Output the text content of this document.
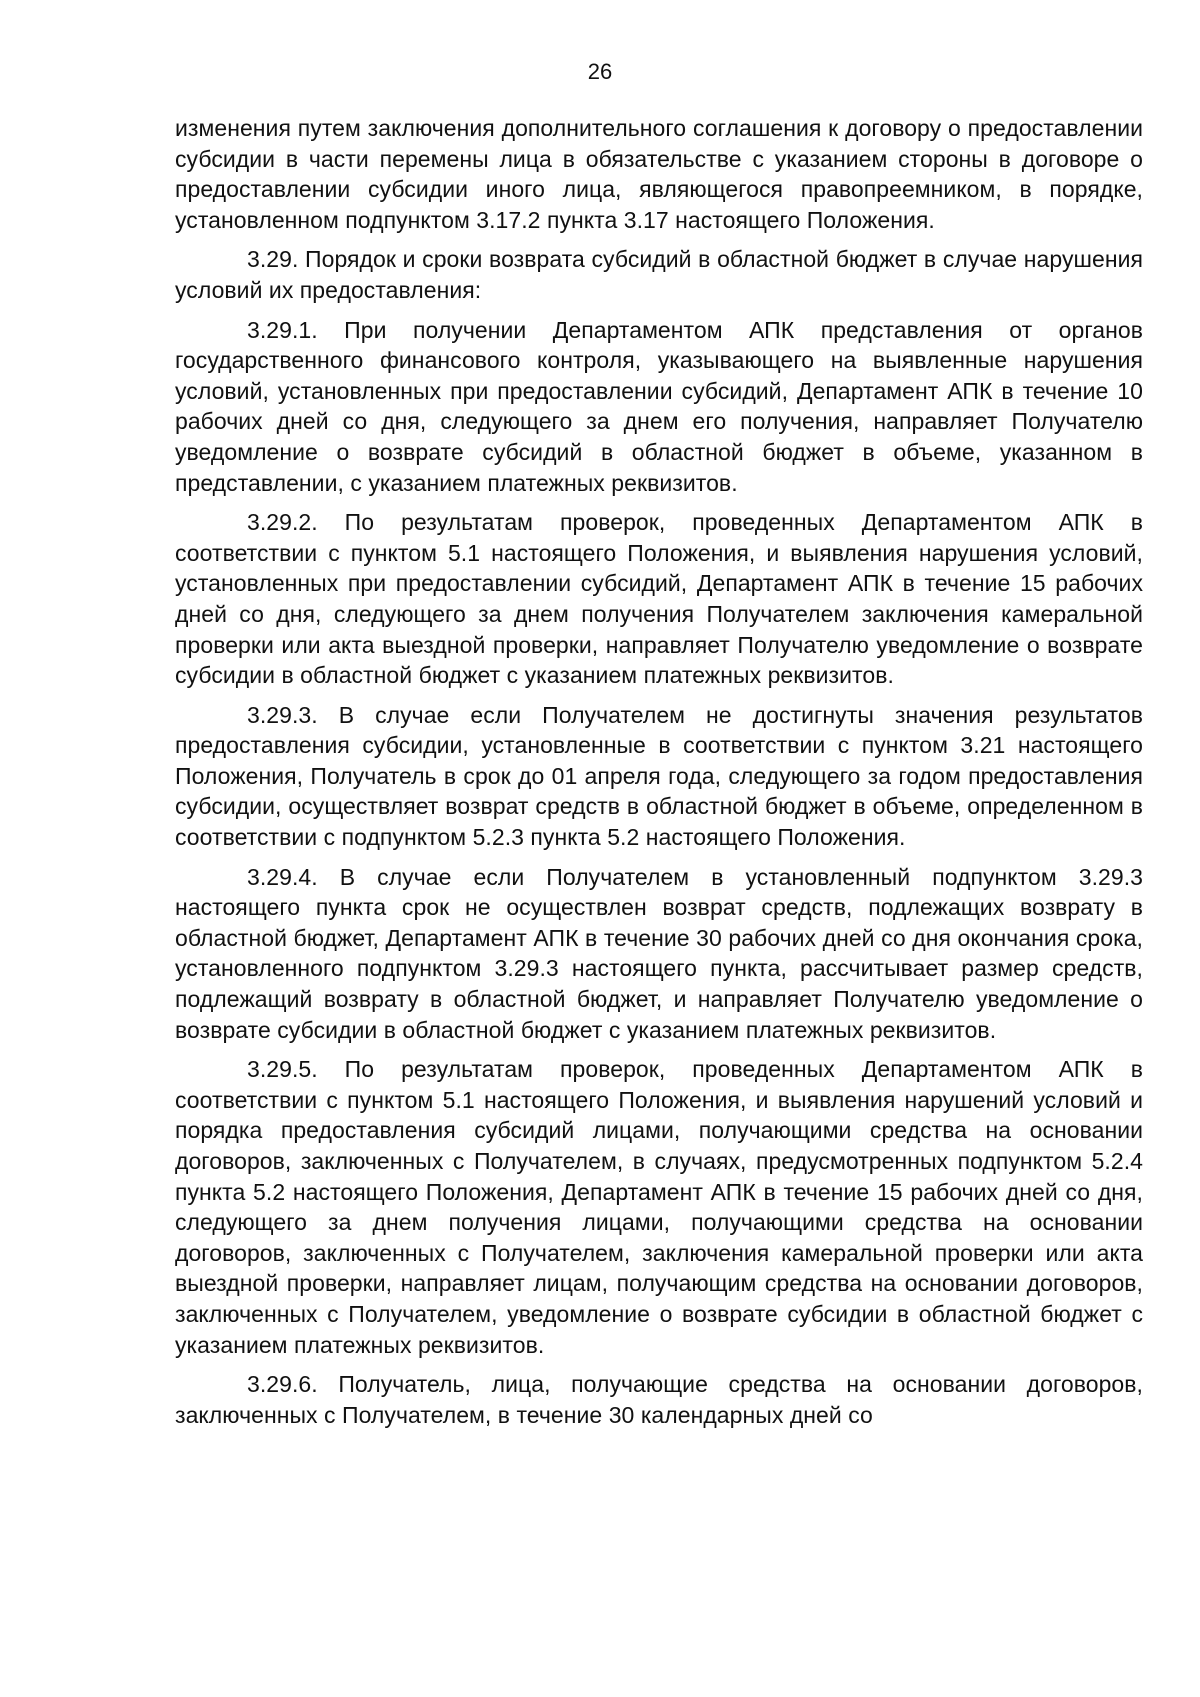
26

изменения путем заключения дополнительного соглашения к договору о предоставлении субсидии в части перемены лица в обязательстве с указанием стороны в договоре о предоставлении субсидии иного лица, являющегося правопреемником, в порядке, установленном подпунктом 3.17.2 пункта 3.17 настоящего Положения.

3.29. Порядок и сроки возврата субсидий в областной бюджет в случае нарушения условий их предоставления:

3.29.1. При получении Департаментом АПК представления от органов государственного финансового контроля, указывающего на выявленные нарушения условий, установленных при предоставлении субсидий, Департамент АПК в течение 10 рабочих дней со дня, следующего за днем его получения, направляет Получателю уведомление о возврате субсидий в областной бюджет в объеме, указанном в представлении, с указанием платежных реквизитов.

3.29.2. По результатам проверок, проведенных Департаментом АПК в соответствии с пунктом 5.1 настоящего Положения, и выявления нарушения условий, установленных при предоставлении субсидий, Департамент АПК в течение 15 рабочих дней со дня, следующего за днем получения Получателем заключения камеральной проверки или акта выездной проверки, направляет Получателю уведомление о возврате субсидии в областной бюджет с указанием платежных реквизитов.

3.29.3. В случае если Получателем не достигнуты значения результатов предоставления субсидии, установленные в соответствии с пунктом 3.21 настоящего Положения, Получатель в срок до 01 апреля года, следующего за годом предоставления субсидии, осуществляет возврат средств в областной бюджет в объеме, определенном в соответствии с подпунктом 5.2.3 пункта 5.2 настоящего Положения.

3.29.4. В случае если Получателем в установленный подпунктом 3.29.3 настоящего пункта срок не осуществлен возврат средств, подлежащих возврату в областной бюджет, Департамент АПК в течение 30 рабочих дней со дня окончания срока, установленного подпунктом 3.29.3 настоящего пункта, рассчитывает размер средств, подлежащий возврату в областной бюджет, и направляет Получателю уведомление о возврате субсидии в областной бюджет с указанием платежных реквизитов.

3.29.5. По результатам проверок, проведенных Департаментом АПК в соответствии с пунктом 5.1 настоящего Положения, и выявления нарушений условий и порядка предоставления субсидий лицами, получающими средства на основании договоров, заключенных с Получателем, в случаях, предусмотренных подпунктом 5.2.4 пункта 5.2 настоящего Положения, Департамент АПК в течение 15 рабочих дней со дня, следующего за днем получения лицами, получающими средства на основании договоров, заключенных с Получателем, заключения камеральной проверки или акта выездной проверки, направляет лицам, получающим средства на основании договоров, заключенных с Получателем, уведомление о возврате субсидии в областной бюджет с указанием платежных реквизитов.

3.29.6. Получатель, лица, получающие средства на основании договоров, заключенных с Получателем, в течение 30 календарных дней со
